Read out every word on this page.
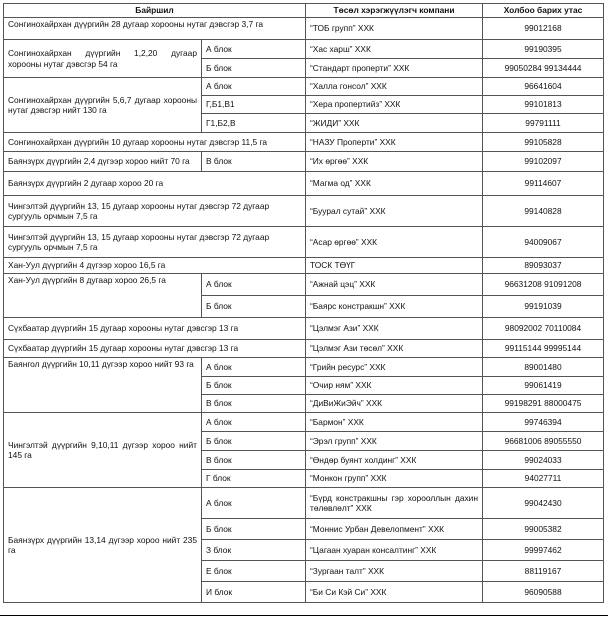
Байршил		Төсөл хэрэгжүүлэгч компани	Холбоо барих утас
Сонгинохайрхан дүүргийн 28 дугаар хорооны нутаг дэвсгэр 3,7 га		“ТОБ групп” ХХК	99012168
Сонгинохайрхан дүүргийн 1,2,20 дугаар хорооны нутаг дэвсгэр 54 га	А блок	“Хас харш” ХХК	99190395
	Б блок	“Стандарт проперти” ХХК	99050284 99134444
Сонгинохайрхан дүүргийн 5,6,7 дугаар хорооны нутаг дэвсгэр нийт 130 га	А блок	“Халла гонсол” ХХК	96641604
	Г,Б1,В1	“Хера пропертийз” ХХК	99101813
	Г1,Б2,В	“ЖИДИ” ХХК	99791111
Сонгинохайрхан дүүргийн 10 дугаар хорооны нутаг дэвсгэр 11,5 га		“НАЗУ Проперти” ХХК	99105828
Баянзүрх дүүргийн 2,4 дүгээр хороо нийт 70 га	В блок	“Их өргөө” ХХК	99102097
Баянзүрх дүүргийн 2 дугаар хороо 20 га		“Магма од” ХХК	99114607
Чингэлтэй дүүргийн 13, 15 дугаар хорооны нутаг дэвсгэр 72 дугаар сургууль орчмын 7,5 га		“Буурал сутай” ХХК	99140828
Чингэлтэй дүүргийн 13, 15 дугаар хорооны нутаг дэвсгэр 72 дугаар сургууль орчмын 7,5 га		“Асар өргөө” ХХК	94009067
Хан-Уул дүүргийн 4 дүгээр хороо 16,5 га		ТОСК ТӨҮГ	89093037
Хан-Уул дүүргийн 8 дугаар хороо 26,5 га	А блок	“Ажнай цэц” ХХК	96631208 91091208
	Б блок	“Баярс констракшн” ХХК	99191039
Сүхбаатар дүүргийн 15 дугаар хорооны нутаг дэвсгэр 13 га		“Цэлмэг Ази” ХХК	98092002 70110084
Сүхбаатар дүүргийн 15 дугаар хорооны нутаг дэвсгэр 13 га		“Цэлмэг Ази төсөл” ХХК	99115144 99995144
Баянгол дүүргийн 10,11 дүгээр хороо нийт 93 га	А блок	“Грийн ресурс” ХХК	89001480
	Б блок	“Очир ням” ХХК	99061419
	В блок	“ДиВиЖиЭйч” ХХК	99198291 88000475
Чингэлтэй дүүргийн 9,10,11 дүгээр хороо нийт 145 га	А блок	“Бармон” ХХК	99746394
	Б блок	“Эрэл групп” ХХК	96681006 89055550
	В блок	“Өндөр буянт холдинг” ХХК	99024033
	Г блок	“Монкон групп” ХХК	94027711
Баянзүрх дүүргийн 13,14 дүгээр хороо нийт 235 га	А блок	“Бүрд констракшны гэр хорооллын дахин төлөвлөлт” ХХК	99042430
	Б блок	“Моннис Урбан Девелопмент” ХХК	99005382
	З блок	“Цагаан хуаран консалтинг” ХХК	99997462
	Е блок	“Зургаан талт” ХХК	88119167
	И блок	“Би Си Кэй Си” ХХК	96090588
